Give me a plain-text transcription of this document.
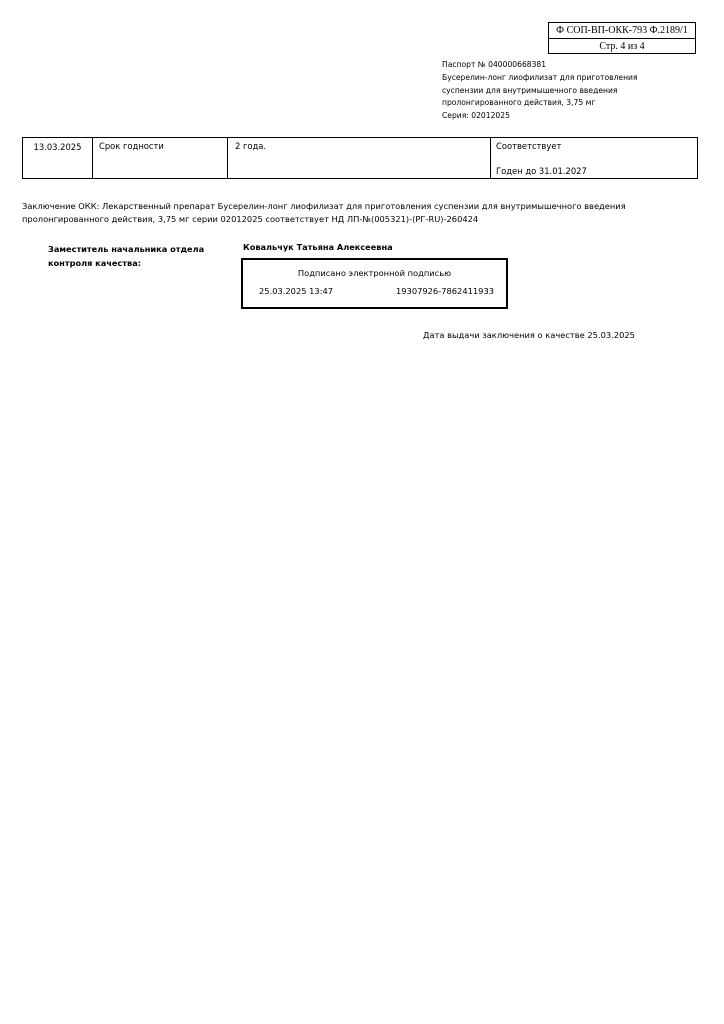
Ф СОП-ВП-ОКК-793 Ф.2189/1
Стр. 4 из 4
Паспорт № 040000668381
Бусерелин-лонг лиофилизат для приготовления
суспензии для внутримышечного введения
пролонгированного действия, 3,75 мг
Серия: 02012025
13.03.2025	Срок годности	2 года.	Соответствует
Годен до 31.01.2027
Заключение ОКК: Лекарственный препарат Бусерелин-лонг лиофилизат для приготовления суспензии для внутримышечного введения пролонгированного действия, 3,75 мг серии 02012025 соответствует НД ЛП-№(005321)-(РГ-RU)-260424
Заместитель начальника отдела
контроля качества:
Ковальчук Татьяна Алексеевна
Подписано электронной подписью
25.03.2025 13:47	19307926-7862411933
Дата выдачи заключения о качестве 25.03.2025
